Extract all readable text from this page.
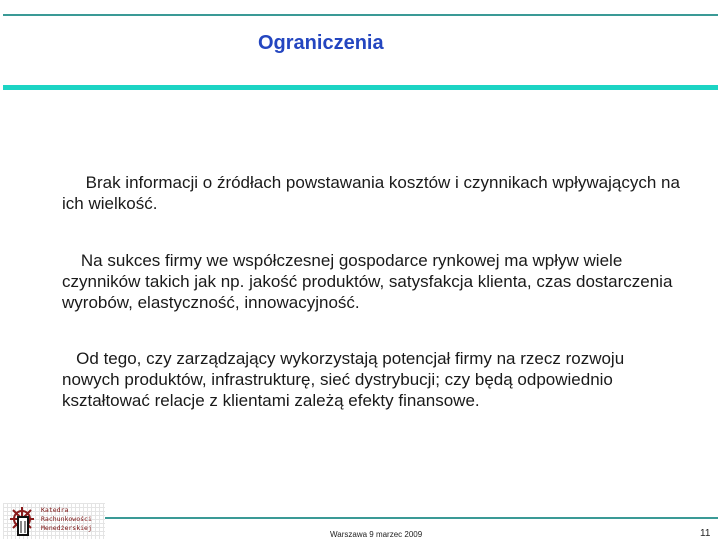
Ograniczenia
Brak informacji o źródłach powstawania kosztów i czynnikach wpływających na ich wielkość.
Na sukces firmy we współczesnej gospodarce rynkowej ma wpływ wiele czynników takich jak np. jakość produktów, satysfakcja klienta, czas dostarczenia wyrobów, elastyczność, innowacyjność.
Od tego, czy zarządzający wykorzystają potencjał firmy na rzecz rozwoju nowych produktów, infrastrukturę, sieć dystrybucji; czy będą odpowiednio kształtować relacje z klientami zależą efekty finansowe.
Katedra
Rachunkowości
Menedżerskiej
Warszawa 9 marzec 2009	11
